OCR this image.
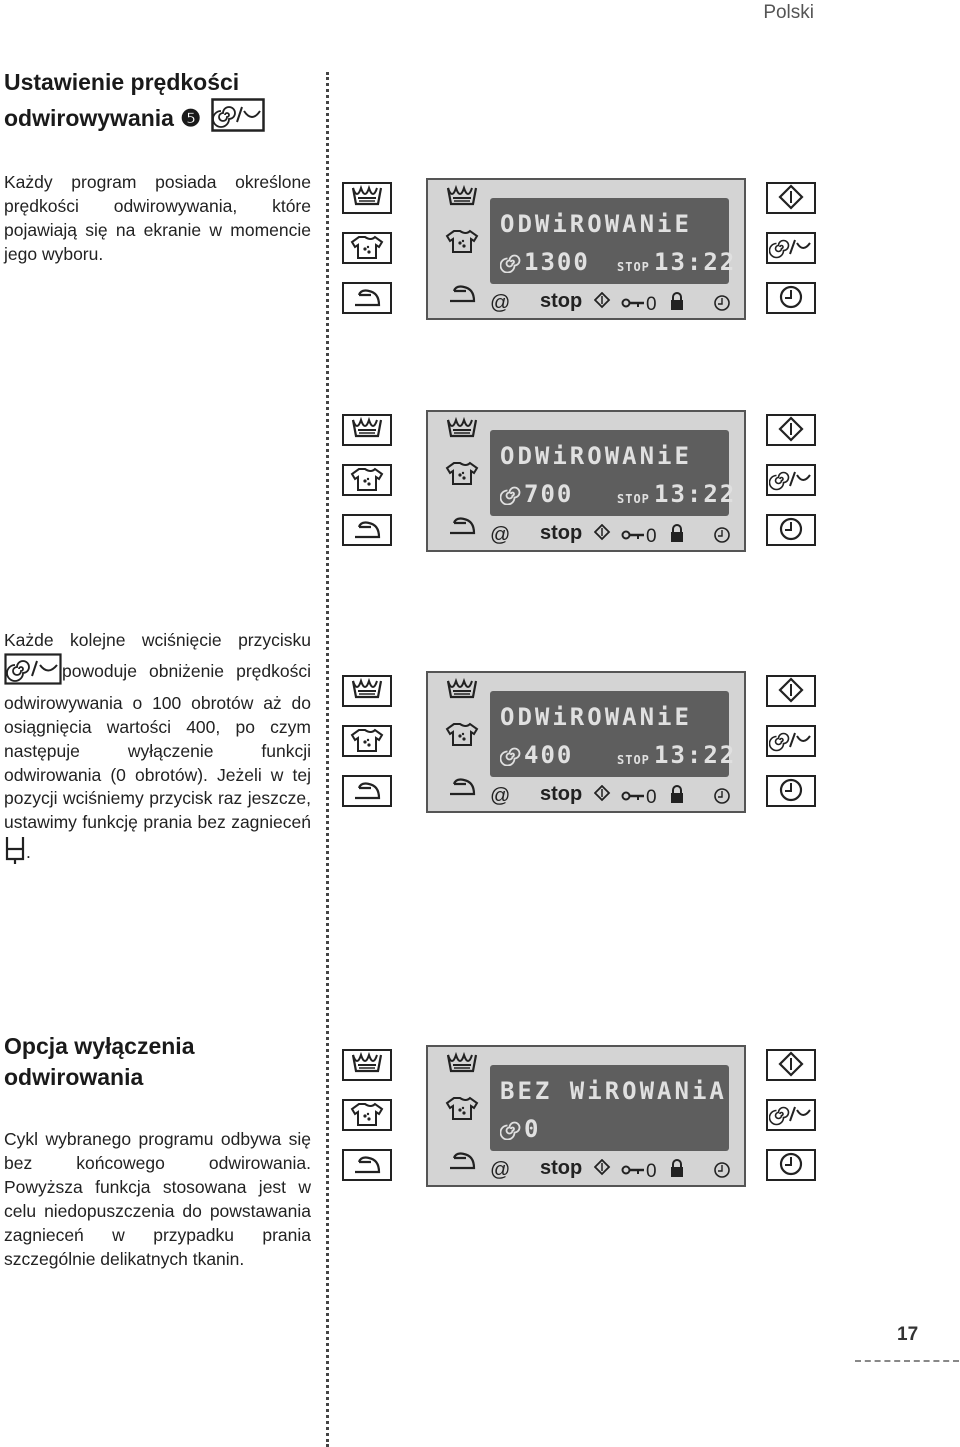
Polski
Ustawienie prędkości
odwirowywania ❺

Każdy program posiada określone prędkości odwirowywania, które pojawiają się na ekranie w momencie jego wyboru.

Każde kolejne wciśnięcie przycisku powoduje obniżenie prędkości odwirowywania o 100 obrotów aż do osiągnięcia wartości 400, po czym następuje wyłączenie funkcji odwirowania (0 obrotów). Jeżeli w tej pozycji wciśniemy przycisk raz jeszcze, ustawimy funkcję prania bez zagnieceń .

Opcja wyłączenia
odwirowania

Cykl wybranego programu odbywa się bez końcowego odwirowania. Powyższa funkcja stosowana jest w celu niedopuszczenia do powstawania zagnieceń w przypadku prania szczególnie delikatnych tkanin.

ODWiROWANiE
1300 STOP 13:22
@ stop	0
ODWiROWANiE
700	STOP 13:22
@ stop	0
ODWiROWANiE
400	STOP 13:22
@ stop	0
BEZ WiROWANiA
0
@ stop	0
17
